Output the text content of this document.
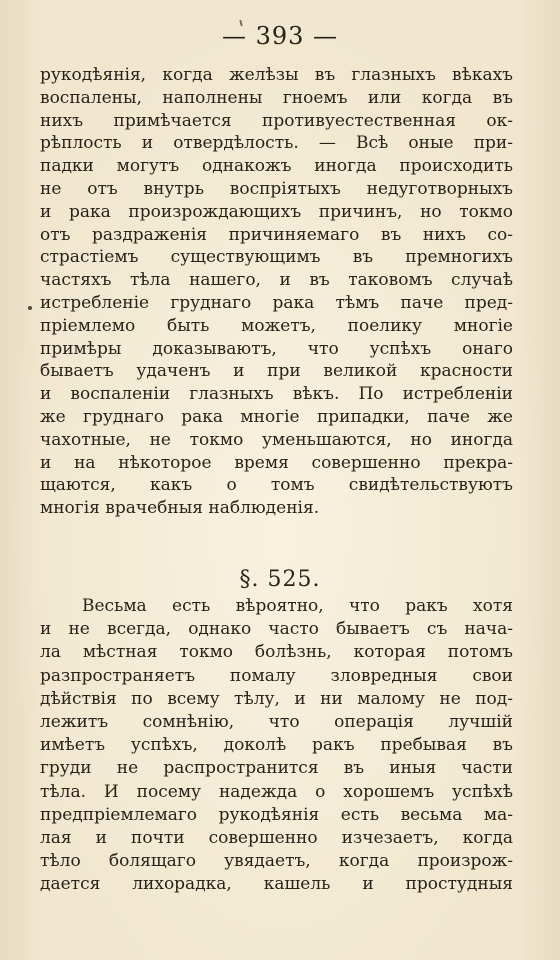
— 393 —
рукодѣянія, когда желѣзы въ глазныхъ вѣкахъ
воспалены, наполнены гноемъ или когда въ
нихъ примѣчается противуестественная ок-
рѣплость и отвердѣлость. — Всѣ оные при-
падки могутъ однакожъ иногда происходить
не отъ внутрь воспріятыхъ недуготворныхъ
и рака произрождающихъ причинъ, но токмо
отъ раздраженія причиняемаго въ нихъ со-
страстіемъ существующимъ въ премногихъ
частяхъ тѣла нашего, и въ таковомъ случаѣ
истребленіе груднаго рака тѣмъ паче пред-
пріемлемо быть можетъ, поелику многіе
примѣры доказываютъ, что успѣхъ онаго
бываетъ удаченъ и при великой красности
и воспаленіи глазныхъ вѣкъ. По истребленіи
же груднаго рака многіе припадки, паче же
чахотные, не токмо уменьшаются, но иногда
и на нѣкоторое время совершенно прекра-
щаются, какъ о томъ свидѣтельствуютъ
многія врачебныя наблюденія.
§. 525.
Весьма есть вѣроятно, что ракъ хотя
и не всегда, однако часто бываетъ съ нача-
ла мѣстная токмо болѣзнь, которая потомъ
разпространяетъ помалу зловредныя свои
дѣйствія по всему тѣлу, и ни малому не под-
лежитъ сомнѣнію, что операція лучшій
имѣетъ успѣхъ, доколѣ ракъ пребывая въ
груди не распространится въ иныя части
тѣла. И посему надежда о хорошемъ успѣхѣ
предпріемлемаго рукодѣянія есть весьма ма-
лая и почти совершенно изчезаетъ, когда
тѣло болящаго увядаетъ, когда произрож-
дается лихорадка, кашель и простудныя
